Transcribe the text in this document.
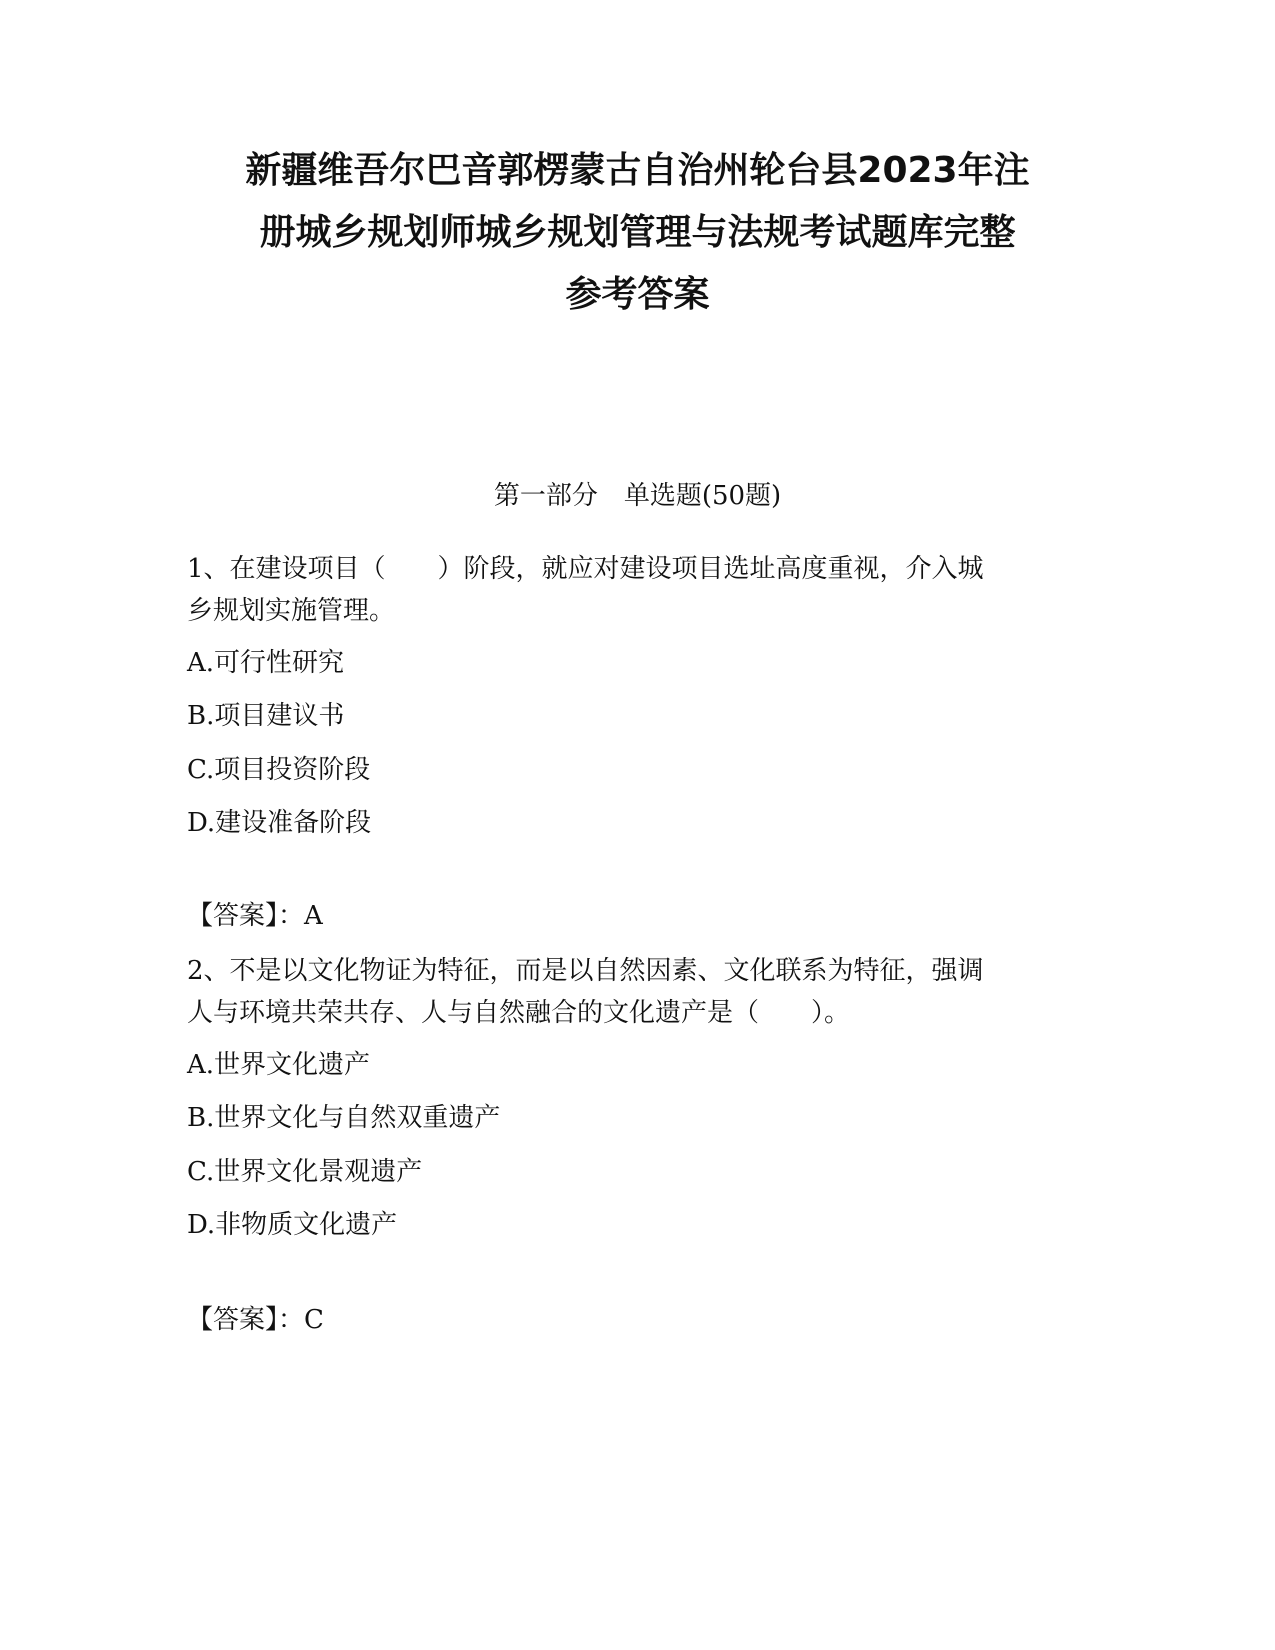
新疆维吾尔巴音郭楞蒙古自治州轮台县2023年注
册城乡规划师城乡规划管理与法规考试题库完整
参考答案
第一部分　单选题(50题)
1、在建设项目（　　）阶段，就应对建设项目选址高度重视，介入城
乡规划实施管理。
A.可行性研究
B.项目建议书
C.项目投资阶段
D.建设准备阶段
【答案】：A
2、不是以文化物证为特征，而是以自然因素、文化联系为特征，强调
人与环境共荣共存、人与自然融合的文化遗产是（　　）。
A.世界文化遗产
B.世界文化与自然双重遗产
C.世界文化景观遗产
D.非物质文化遗产
【答案】：C
